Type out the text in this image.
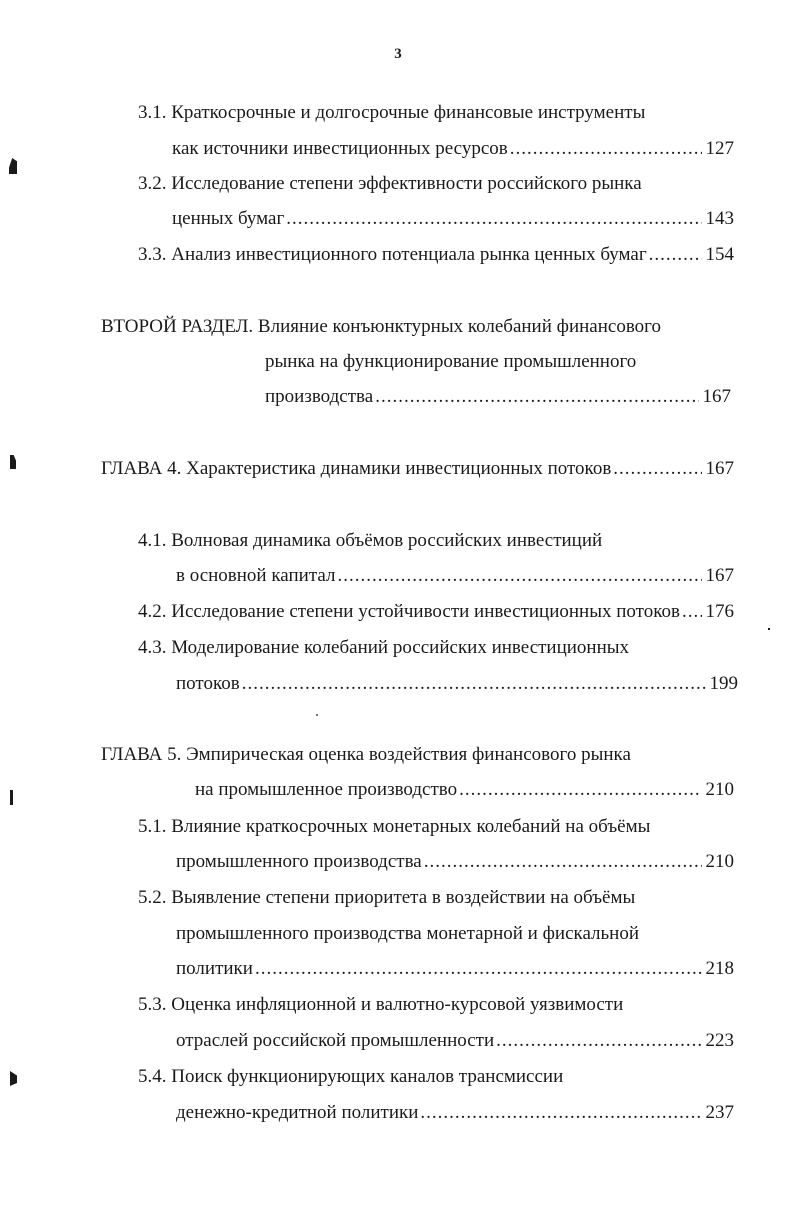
3
3.1. Краткосрочные и долгосрочные финансовые инструменты
как источники инвестиционных ресурсов .....	127
3.2. Исследование степени эффективности российского рынка
ценных бумаг .....	143
3.3. Анализ инвестиционного потенциала рынка ценных бумаг .....	154
ВТОРОЙ РАЗДЕЛ. Влияние конъюнктурных колебаний финансового
рынка на функционирование промышленного
производства .....	167
ГЛАВА 4. Характеристика динамики инвестиционных потоков .....	167
4.1. Волновая динамика объёмов российских инвестиций
в основной капитал .....	167
4.2. Исследование степени устойчивости инвестиционных потоков ..... 176
4.3. Моделирование колебаний российских инвестиционных
потоков .....	199
ГЛАВА 5. Эмпирическая оценка воздействия финансового рынка
на промышленное производство .....	210
5.1. Влияние краткосрочных монетарных колебаний на объёмы
промышленного производства .....	210
5.2. Выявление степени приоритета в воздействии на объёмы
промышленного производства монетарной и фискальной
политики .....	218
5.3. Оценка инфляционной и валютно-курсовой уязвимости
отраслей российской промышленности .....	223
5.4. Поиск функционирующих каналов трансмиссии
денежно-кредитной политики .....	237
